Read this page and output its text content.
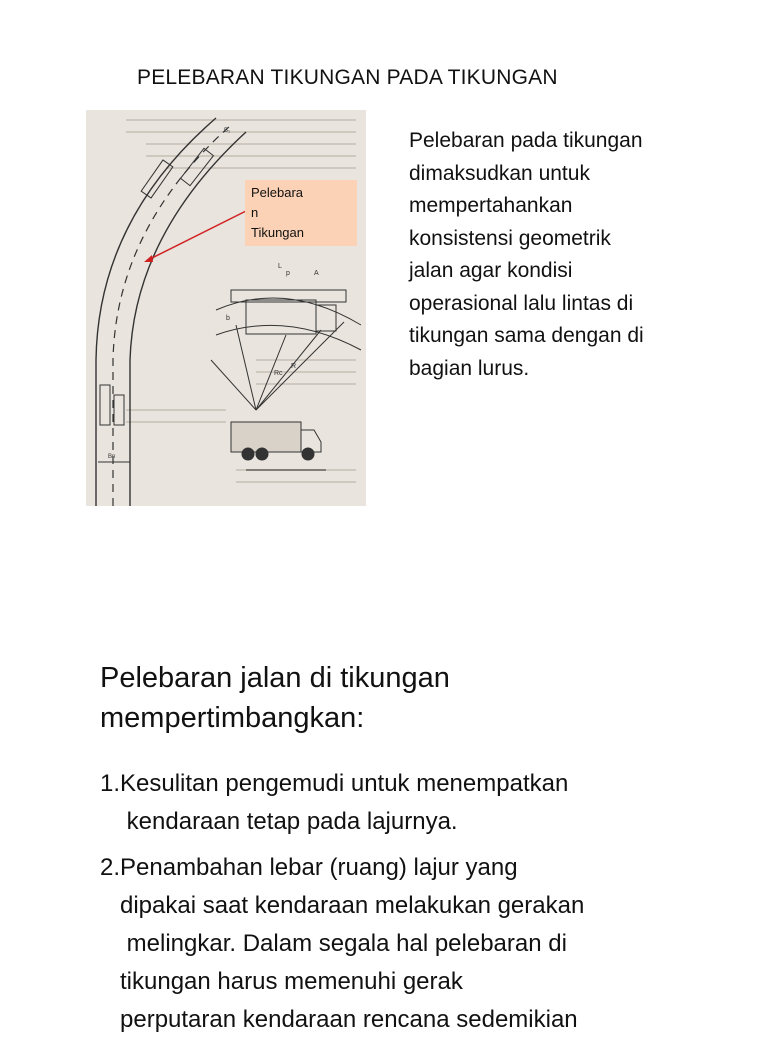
PELEBARAN TIKUNGAN PADA TIKUNGAN
Bn
B₁
L
A
p
b
R
Rc
Pelebara
n
Tikungan
Pelebaran pada tikungan
dimaksudkan untuk
mempertahankan
konsistensi geometrik
jalan agar kondisi
operasional lalu lintas di
tikungan sama dengan di
bagian lurus.
Pelebaran jalan di tikungan
mempertimbangkan:
1.Kesulitan pengemudi untuk menempatkan
kendaraan tetap pada lajurnya.
2.Penambahan lebar (ruang) lajur yang
dipakai saat kendaraan melakukan gerakan
melingkar. Dalam segala hal pelebaran di
tikungan harus memenuhi gerak
perputaran kendaraan rencana sedemikian
